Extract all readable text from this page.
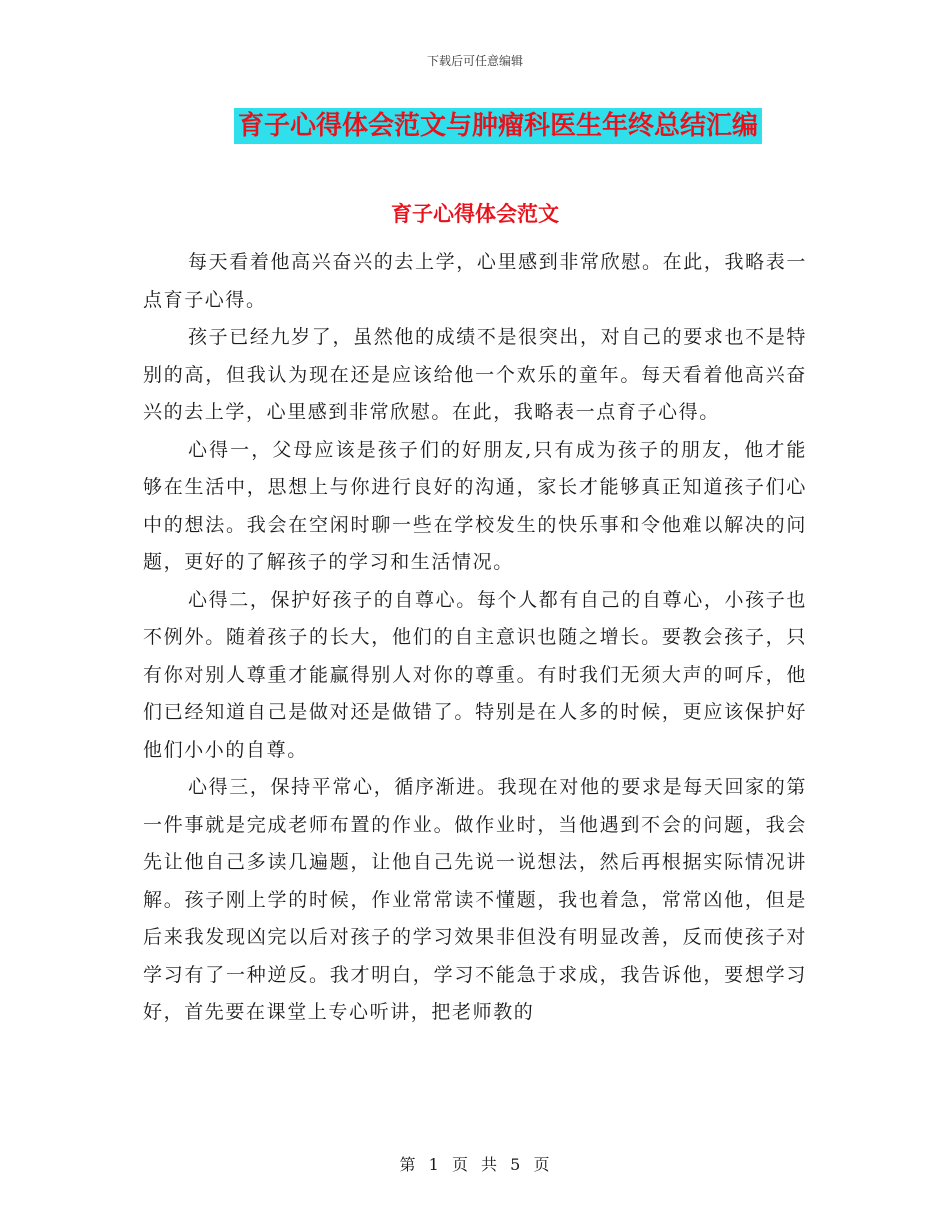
下载后可任意编辑
育子心得体会范文与肿瘤科医生年终总结汇编
育子心得体会范文

每天看着他高兴奋兴的去上学，心里感到非常欣慰。在此，我略表一点育子心得。

孩子已经九岁了，虽然他的成绩不是很突出，对自己的要求也不是特别的高，但我认为现在还是应该给他一个欢乐的童年。每天看着他高兴奋兴的去上学，心里感到非常欣慰。在此，我略表一点育子心得。

心得一，父母应该是孩子们的好朋友,只有成为孩子的朋友，他才能够在生活中，思想上与你进行良好的沟通，家长才能够真正知道孩子们心中的想法。我会在空闲时聊一些在学校发生的快乐事和令他难以解决的问题，更好的了解孩子的学习和生活情况。

心得二，保护好孩子的自尊心。每个人都有自己的自尊心，小孩子也不例外。随着孩子的长大，他们的自主意识也随之增长。要教会孩子，只有你对别人尊重才能赢得别人对你的尊重。有时我们无须大声的呵斥，他们已经知道自己是做对还是做错了。特别是在人多的时候，更应该保护好他们小小的自尊。

心得三，保持平常心，循序渐进。我现在对他的要求是每天回家的第一件事就是完成老师布置的作业。做作业时，当他遇到不会的问题，我会先让他自己多读几遍题，让他自己先说一说想法，然后再根据实际情况讲解。孩子刚上学的时候，作业常常读不懂题，我也着急，常常凶他，但是后来我发现凶完以后对孩子的学习效果非但没有明显改善，反而使孩子对学习有了一种逆反。我才明白，学习不能急于求成，我告诉他，要想学习好，首先要在课堂上专心听讲，把老师教的

第 1 页 共 5 页
